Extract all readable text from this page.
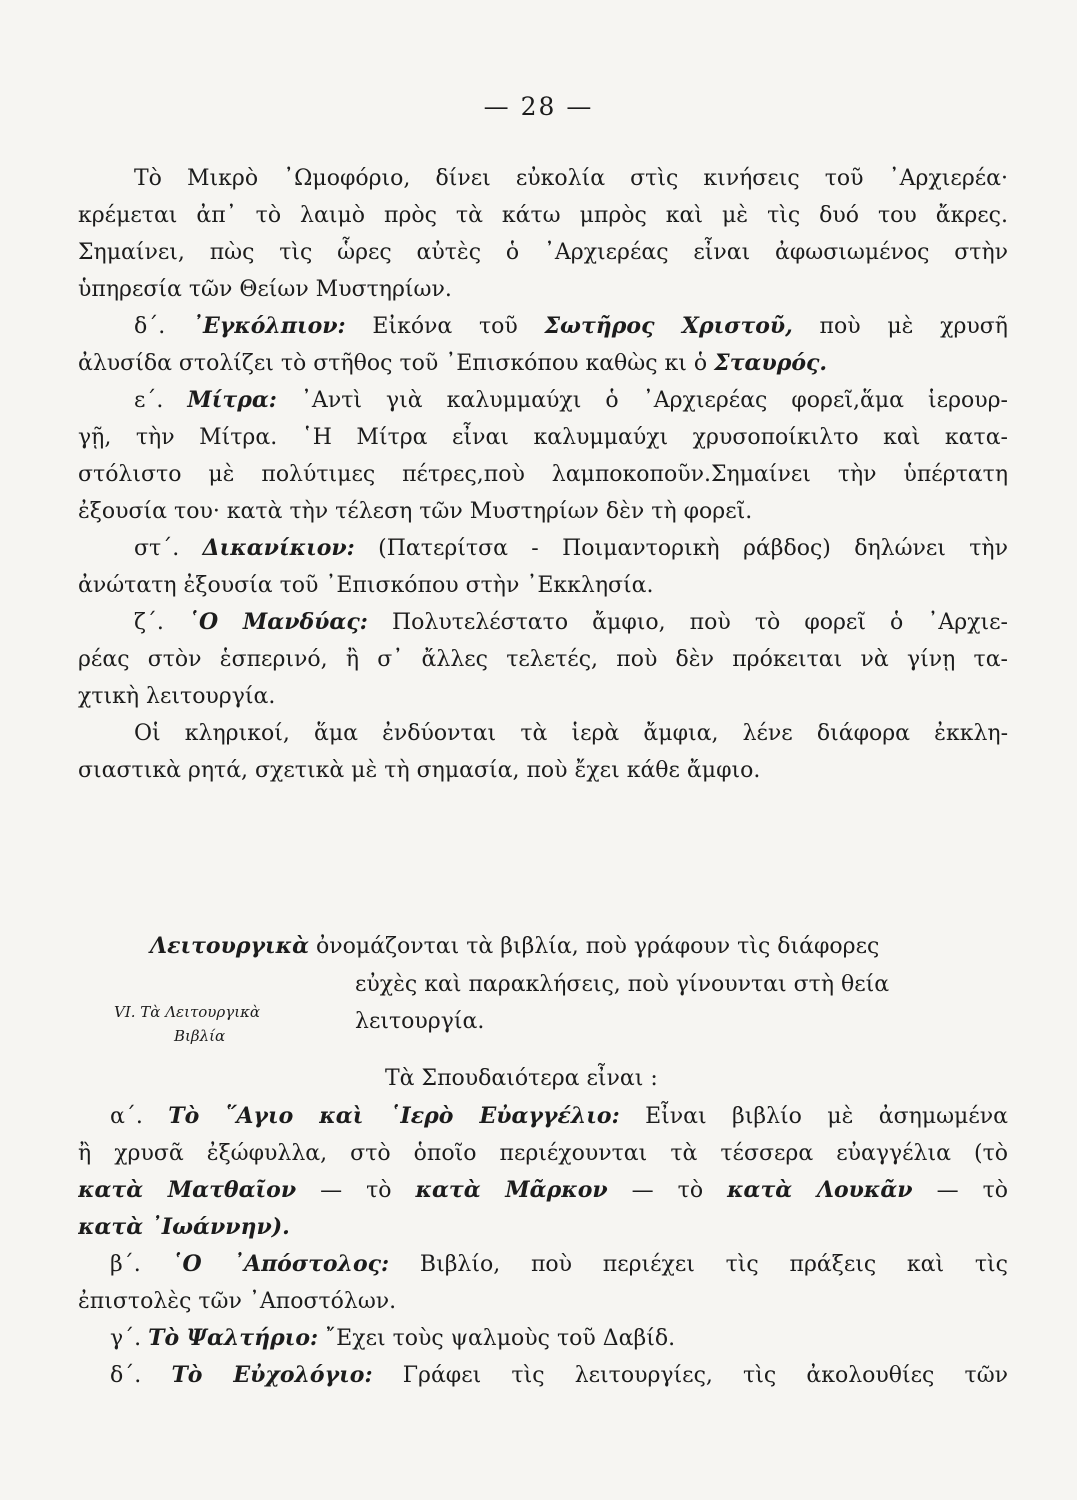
— 28 —
Τὸ Μικρὸ ᾿Ωμοφόριο, δίνει εὐκολία στὶς κινήσεις τοῦ ᾿Αρχιερέα·
κρέμεται ἀπ᾿ τὸ λαιμὸ πρὸς τὰ κάτω μπρὸς καὶ μὲ τὶς δυό του ἄκρες.
Σημαίνει, πὼς τὶς ὧρες αὐτὲς ὁ ᾿Αρχιερέας εἶναι ἀφωσιωμένος στὴν
ὑπηρεσία τῶν Θείων Μυστηρίων.
δ΄. ᾿Εγκόλπιον: Εἰκόνα τοῦ Σωτῆρος Χριστοῦ, ποὺ μὲ χρυσῆ
ἀλυσίδα στολίζει τὸ στῆθος τοῦ ᾿Επισκόπου καθὼς κι ὁ Σταυρός.
ε΄. Μίτρα: ᾿Αντὶ γιὰ καλυμμαύχι ὁ ᾿Αρχιερέας φορεῖ,ἅμα ἱερουρ-
γῇ, τὴν Μίτρα. ῾Η Μίτρα εἶναι καλυμμαύχι χρυσοποίκιλτο καὶ κατα-
στόλιστο μὲ πολύτιμες πέτρες,ποὺ λαμποκοποῦν.Σημαίνει τὴν ὑπέρτατη
ἐξουσία του· κατὰ τὴν τέλεση τῶν Μυστηρίων δὲν τὴ φορεῖ.
στ΄. Δικανίκιον: (Πατερίτσα - Ποιμαντορικὴ ράβδος) δηλώνει τὴν
ἀνώτατη ἐξουσία τοῦ ᾿Επισκόπου στὴν ᾿Εκκλησία.
ζ΄. ῾Ο Μανδύας: Πολυτελέστατο ἄμφιο, ποὺ τὸ φορεῖ ὁ ᾿Αρχιε-
ρέας στὸν ἑσπερινό, ἢ σ᾿ ἄλλες τελετές, ποὺ δὲν πρόκειται νὰ γίνῃ τα-
χτικὴ λειτουργία.
Οἱ κληρικοί, ἅμα ἐνδύονται τὰ ἱερὰ ἄμφια, λένε διάφορα ἐκκλη-
σιαστικὰ ρητά, σχετικὰ μὲ τὴ σημασία, ποὺ ἔχει κάθε ἄμφιο.
Λειτουργικὰ ὀνομάζονται τὰ βιβλία, ποὺ γράφουν τὶς διάφορες
εὐχὲς καὶ παρακλήσεις, ποὺ γίνουνται στὴ θεία
λειτουργία.
Τὰ Σπουδαιότερα εἶναι :
VI. Τὰ Λειτουργικὰ
Βιβλία
α΄. Τὸ ῞Αγιο καὶ ῾Ιερὸ Εὐαγγέλιο: Εἶναι βιβλίο μὲ ἀσημωμένα
ἢ χρυσᾶ ἐξώφυλλα, στὸ ὁποῖο περιέχουνται τὰ τέσσερα εὐαγγέλια (τὸ
κατὰ Ματθαῖον — τὸ κατὰ Μᾶρκον — τὸ κατὰ Λουκᾶν — τὸ
κατὰ ᾿Ιωάννην).
β΄. ῾Ο ᾿Απόστολος: Βιβλίο, ποὺ περιέχει τὶς πράξεις καὶ τὶς
ἐπιστολὲς τῶν ᾿Αποστόλων.
γ΄. Τὸ Ψαλτήριο: ῎Εχει τοὺς ψαλμοὺς τοῦ Δαβίδ.
δ΄. Τὸ Εὐχολόγιο: Γράφει τὶς λειτουργίες, τὶς ἀκολουθίες τῶν
